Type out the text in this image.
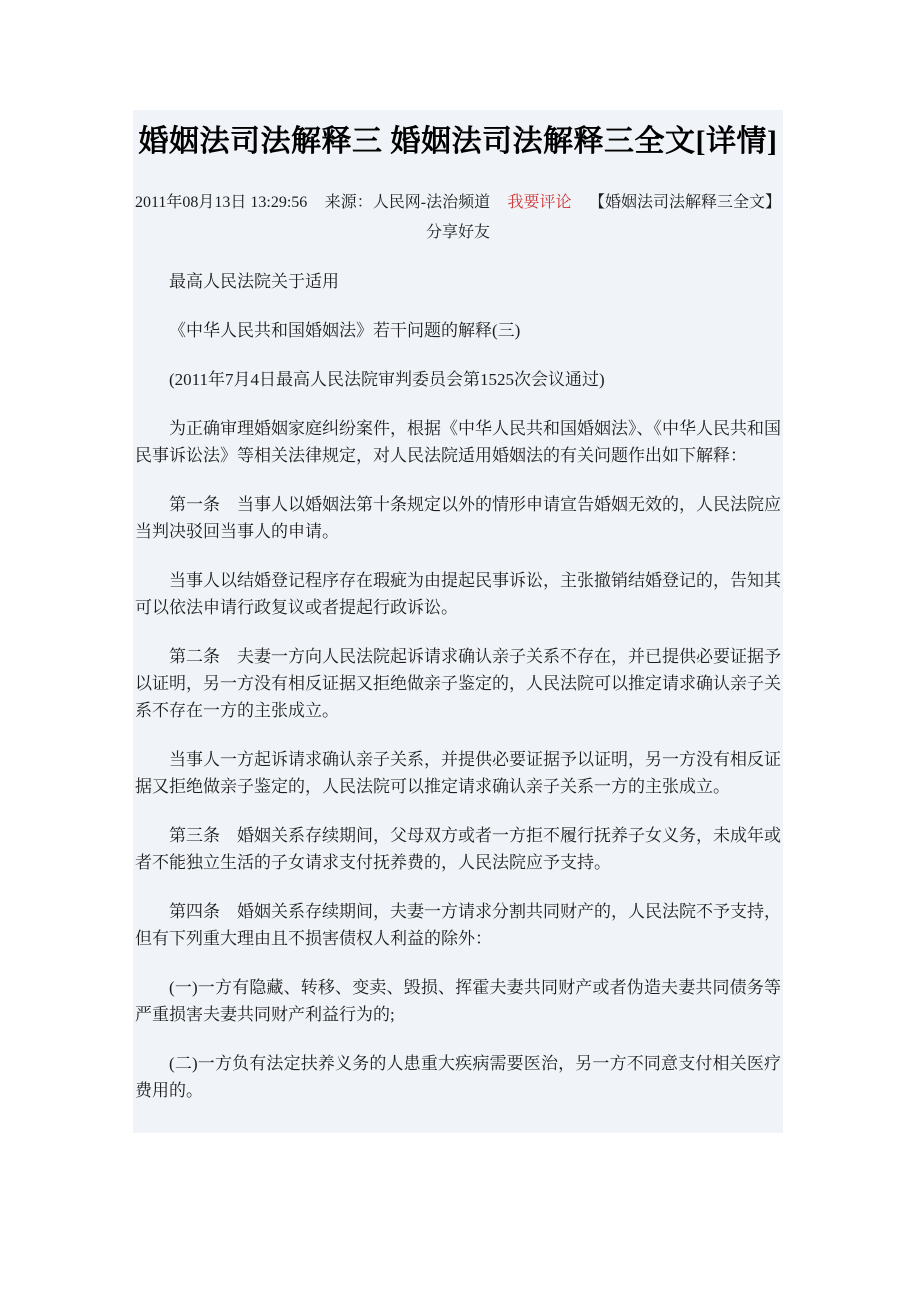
婚姻法司法解释三 婚姻法司法解释三全文[详情]
2011年08月13日 13:29:56 来源：人民网-法治频道 我要评论 【婚姻法司法解释三全文】
分享好友

最高人民法院关于适用

《中华人民共和国婚姻法》若干问题的解释(三)

(2011年7月4日最高人民法院审判委员会第1525次会议通过)

为正确审理婚姻家庭纠纷案件，根据《中华人民共和国婚姻法》、《中华人民共和国民事诉讼法》等相关法律规定，对人民法院适用婚姻法的有关问题作出如下解释：

第一条　当事人以婚姻法第十条规定以外的情形申请宣告婚姻无效的，人民法院应当判决驳回当事人的申请。

当事人以结婚登记程序存在瑕疵为由提起民事诉讼，主张撤销结婚登记的，告知其可以依法申请行政复议或者提起行政诉讼。

第二条　夫妻一方向人民法院起诉请求确认亲子关系不存在，并已提供必要证据予以证明，另一方没有相反证据又拒绝做亲子鉴定的，人民法院可以推定请求确认亲子关系不存在一方的主张成立。

当事人一方起诉请求确认亲子关系，并提供必要证据予以证明，另一方没有相反证据又拒绝做亲子鉴定的，人民法院可以推定请求确认亲子关系一方的主张成立。

第三条　婚姻关系存续期间，父母双方或者一方拒不履行抚养子女义务，未成年或者不能独立生活的子女请求支付抚养费的，人民法院应予支持。

第四条　婚姻关系存续期间，夫妻一方请求分割共同财产的，人民法院不予支持，但有下列重大理由且不损害债权人利益的除外：

(一)一方有隐藏、转移、变卖、毁损、挥霍夫妻共同财产或者伪造夫妻共同债务等严重损害夫妻共同财产利益行为的;

(二)一方负有法定扶养义务的人患重大疾病需要医治，另一方不同意支付相关医疗费用的。
